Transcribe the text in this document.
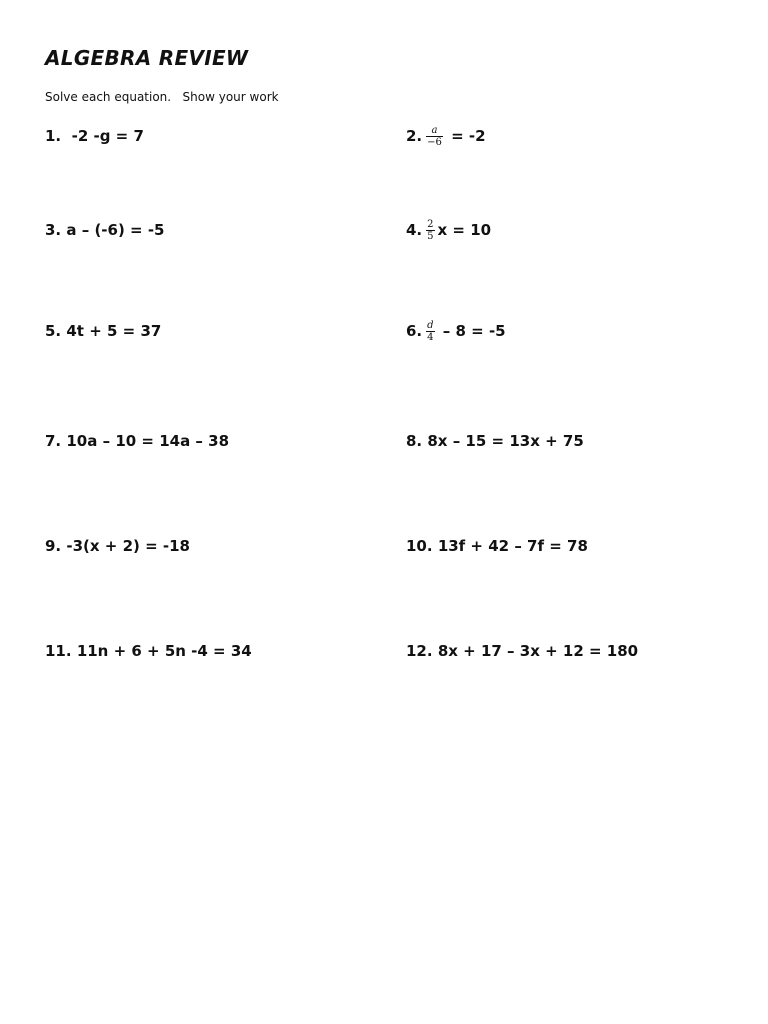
ALGEBRA REVIEW
Solve each equation.   Show your work
1.
-2 -g = 7	2. $\frac{a}{-6} = -2$
3.
a – (-6) = -5	4. $\frac{2}{5}$ x = 10
5.
4t + 5 = 37	6. $\frac{d}{4} - 8 = -5$
7.
10a – 10 = 14a – 38	8.
8x – 15 = 13x + 75
9.
-3(x + 2) = -18	10.
13f + 42 – 7f = 78
11.
11n + 6 + 5n -4 = 34	12.
8x + 17 – 3x + 12 = 180
